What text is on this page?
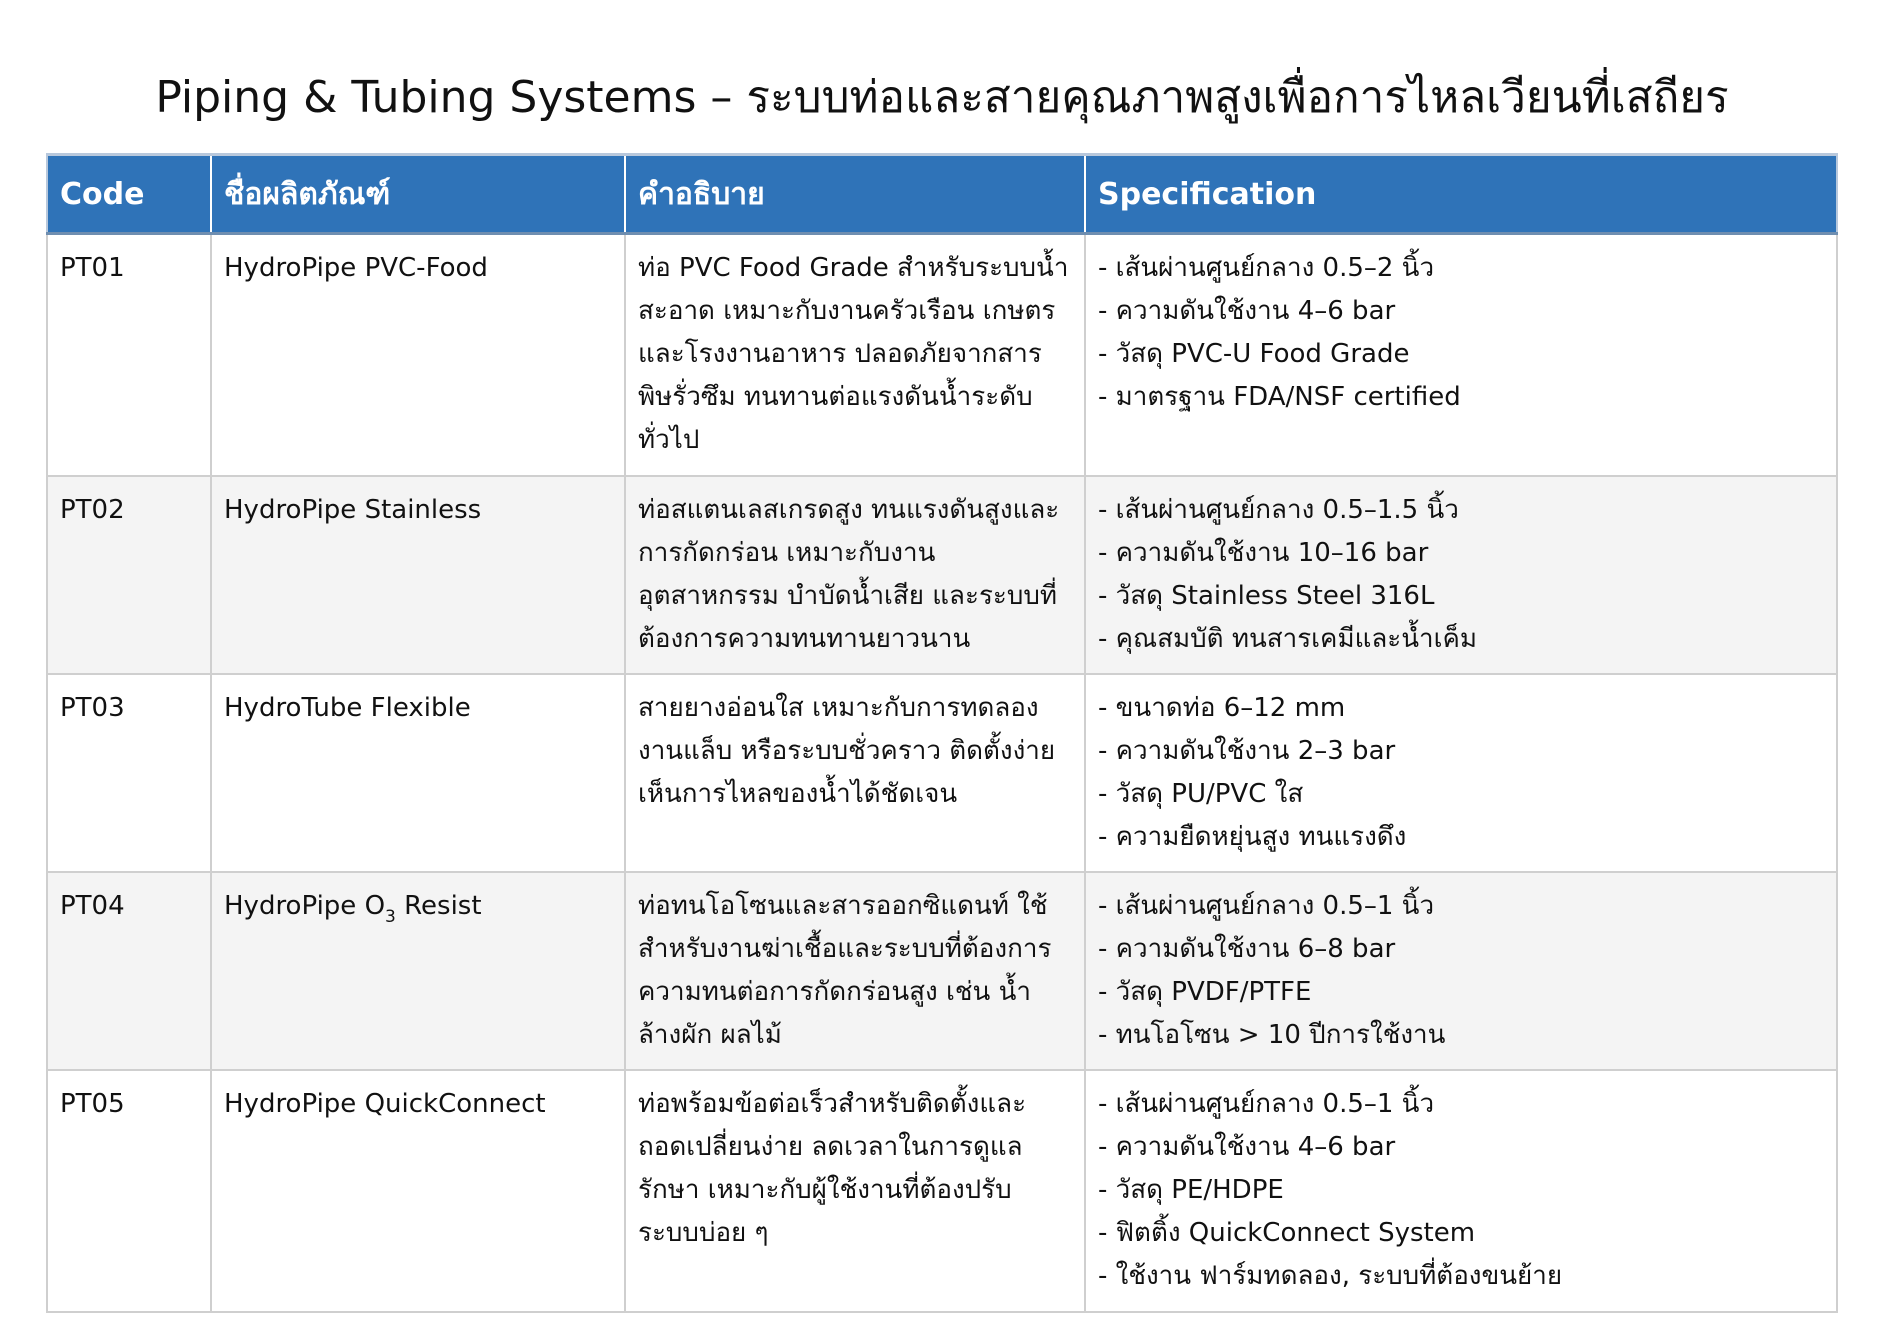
Piping & Tubing Systems – ระบบท่อและสายคุณภาพสูงเพื่อการไหลเวียนที่เสถียร
Code	ชื่อผลิตภัณฑ์	คำอธิบาย	Specification
PT01	HydroPipe PVC-Food	ท่อ PVC Food Grade สำหรับระบบน้ำสะอาด เหมาะกับงานครัวเรือน เกษตร และโรงงานอาหาร ปลอดภัยจากสารพิษรั่วซึม ทนทานต่อแรงดันน้ำระดับทั่วไป	- เส้นผ่านศูนย์กลาง 0.5–2 นิ้ว
- ความดันใช้งาน 4–6 bar
- วัสดุ PVC-U Food Grade
- มาตรฐาน FDA/NSF certified

PT02	HydroPipe Stainless	ท่อสแตนเลสเกรดสูง ทนแรงดันสูงและการกัดกร่อน เหมาะกับงานอุตสาหกรรม บำบัดน้ำเสีย และระบบที่ต้องการความทนทานยาวนาน	- เส้นผ่านศูนย์กลาง 0.5–1.5 นิ้ว
- ความดันใช้งาน 10–16 bar
- วัสดุ Stainless Steel 316L
- คุณสมบัติ ทนสารเคมีและน้ำเค็ม

PT03	HydroTube Flexible	สายยางอ่อนใส เหมาะกับการทดลองงานแล็บ หรือระบบชั่วคราว ติดตั้งง่าย เห็นการไหลของน้ำได้ชัดเจน	- ขนาดท่อ 6–12 mm
- ความดันใช้งาน 2–3 bar
- วัสดุ PU/PVC ใส
- ความยืดหยุ่นสูง ทนแรงดึง

PT04	HydroPipe $O_3$ Resist	ท่อทนโอโซนและสารออกซิแดนท์ ใช้สำหรับงานฆ่าเชื้อและระบบที่ต้องการความทนต่อการกัดกร่อนสูง เช่น น้ำล้างผัก ผลไม้	- เส้นผ่านศูนย์กลาง 0.5–1 นิ้ว
- ความดันใช้งาน 6–8 bar
- วัสดุ PVDF/PTFE
- ทนโอโซน > 10 ปีการใช้งาน

PT05	HydroPipe QuickConnect	ท่อพร้อมข้อต่อเร็วสำหรับติดตั้งและถอดเปลี่ยนง่าย ลดเวลาในการดูแลรักษา เหมาะกับผู้ใช้งานที่ต้องปรับระบบบ่อย ๆ	- เส้นผ่านศูนย์กลาง 0.5–1 นิ้ว
- ความดันใช้งาน 4–6 bar
- วัสดุ PE/HDPE
- ฟิตติ้ง QuickConnect System
- ใช้งาน ฟาร์มทดลอง, ระบบที่ต้องขนย้าย
